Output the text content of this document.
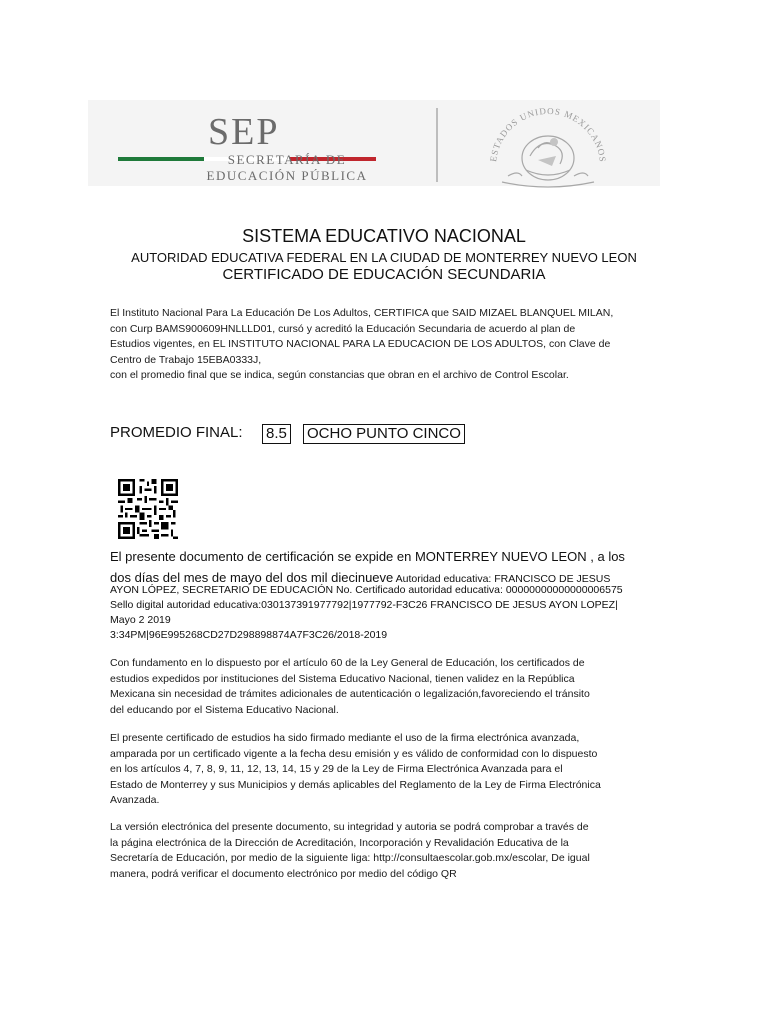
SEP
SECRETARÍA DE
EDUCACIÓN PÚBLICA
ESTADOS UNIDOS MEXICANOS
SISTEMA EDUCATIVO NACIONAL
AUTORIDAD EDUCATIVA FEDERAL EN LA CIUDAD DE MONTERREY NUEVO LEON
CERTIFICADO DE EDUCACIÓN SECUNDARIA
El Instituto Nacional Para La Educación De Los Adultos, CERTIFICA que SAID MIZAEL BLANQUEL MILAN,
con Curp BAMS900609HNLLLD01, cursó y acreditó la Educación Secundaria de acuerdo al plan de
Estudios vigentes, en EL INSTITUTO NACIONAL PARA LA EDUCACION DE LOS ADULTOS, con Clave de
Centro de Trabajo 15EBA0333J,
con el promedio final que se indica, según constancias que obran en el archivo de Control Escolar.
PROMEDIO FINAL: 8.5 OCHO PUNTO CINCO
El presente documento de certificación se expide en MONTERREY NUEVO LEON , a los
dos días del mes de mayo del dos mil diecinueve Autoridad educativa: FRANCISCO DE JESUS
AYON LÓPEZ, SECRETARIO DE EDUCACIÓN No. Certificado autoridad educativa: 00000000000000006575
Sello digital autoridad educativa:030137391977792|1977792-F3C26 FRANCISCO DE JESUS AYON LOPEZ|
Mayo 2 2019
3:34PM|96E995268CD27D298898874A7F3C26/2018-2019
Con fundamento en lo dispuesto por el artículo 60 de la Ley General de Educación, los certificados de
estudios expedidos por instituciones del Sistema Educativo Nacional, tienen validez en la República
Mexicana sin necesidad de trámites adicionales de autenticación o legalización,favoreciendo el tránsito
del educando por el Sistema Educativo Nacional.
El presente certificado de estudios ha sido firmado mediante el uso de la firma electrónica avanzada,
amparada por un certificado vigente a la fecha desu emisión y es válido de conformidad con lo dispuesto
en los artículos 4, 7, 8, 9, 11, 12, 13, 14, 15 y 29 de la Ley de Firma Electrónica Avanzada para el
Estado de Monterrey y sus Municipios y demás aplicables del Reglamento de la Ley de Firma Electrónica
Avanzada.
La versión electrónica del presente documento, su integridad y autoria se podrá comprobar a través de
la página electrónica de la Dirección de Acreditación, Incorporación y Revalidación Educativa de la
Secretaría de Educación, por medio de la siguiente liga: http://consultaescolar.gob.mx/escolar, De igual
manera, podrá verificar el documento electrónico por medio del código QR
